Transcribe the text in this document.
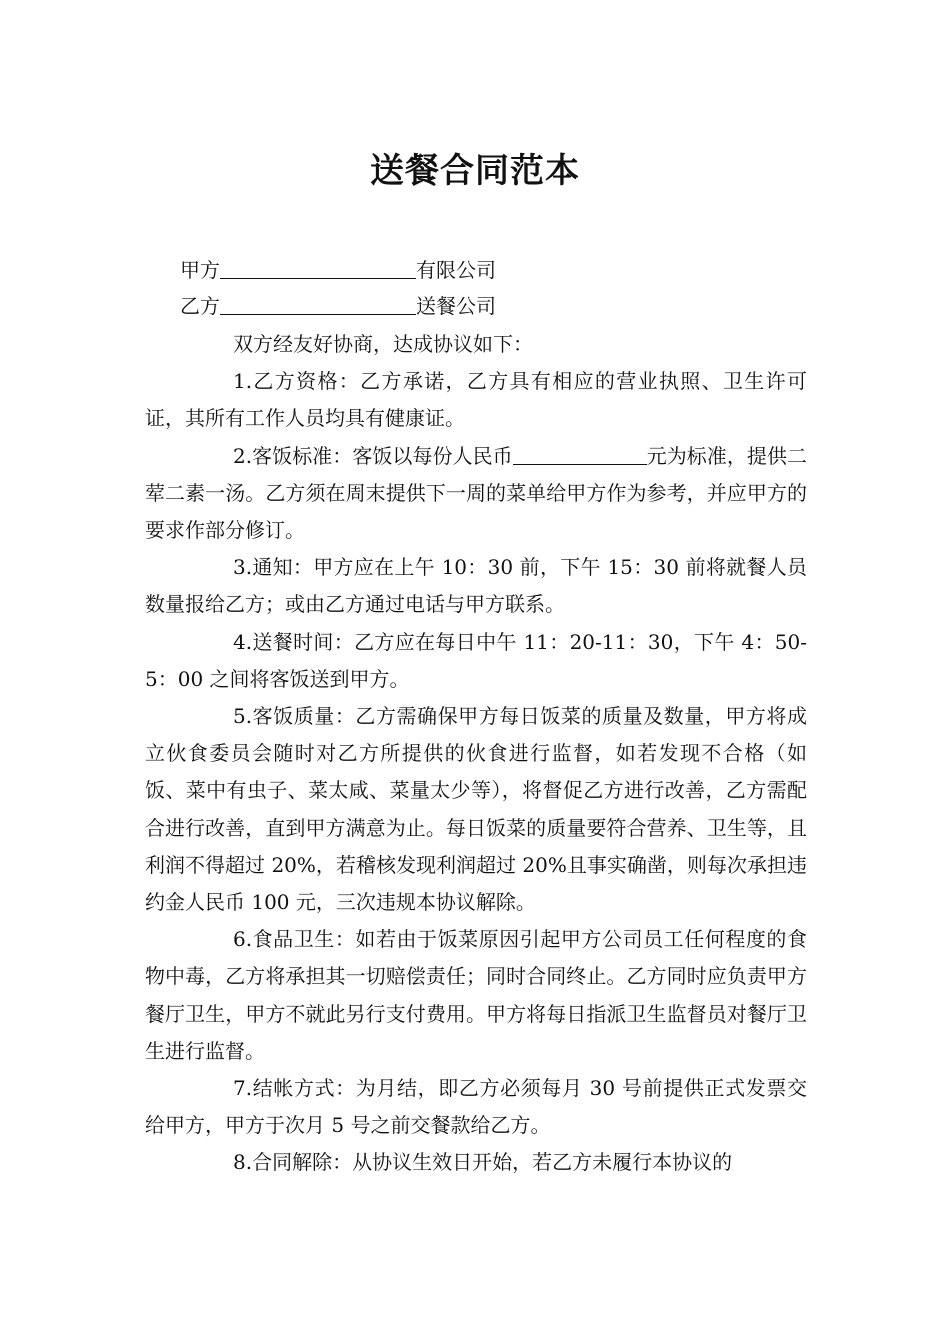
送餐合同范本
甲方	有限公司
乙方	送餐公司

双方经友好协商，达成协议如下：

1.乙方资格：乙方承诺，乙方具有相应的营业执照、卫生许可证，其所有工作人员均具有健康证。

2.客饭标准：客饭以每份人民币	元为标准，提供二荤二素一汤。乙方须在周末提供下一周的菜单给甲方作为参考，并应甲方的要求作部分修订。

3.通知：甲方应在上午 10：30 前，下午 15：30 前将就餐人员数量报给乙方；或由乙方通过电话与甲方联系。

4.送餐时间：乙方应在每日中午 11：20-11：30，下午 4：50-5：00 之间将客饭送到甲方。

5.客饭质量：乙方需确保甲方每日饭菜的质量及数量，甲方将成立伙食委员会随时对乙方所提供的伙食进行监督，如若发现不合格（如 饭、菜中有虫子、菜太咸、菜量太少等），将督促乙方进行改善，乙方需配合进行改善，直到甲方满意为止。每日饭菜的质量要符合营养、卫生等，且利润不得超过 20%，若稽核发现利润超过 20%且事实确凿，则每次承担违约金人民币 100 元，三次违规本协议解除。

6.食品卫生：如若由于饭菜原因引起甲方公司员工任何程度的食物中毒，乙方将承担其一切赔偿责任；同时合同终止。乙方同时应负责甲方餐厅卫生，甲方不就此另行支付费用。甲方将每日指派卫生监督员对餐厅卫生进行监督。

7.结帐方式：为月结，即乙方必须每月 30 号前提供正式发票交给甲方，甲方于次月 5 号之前交餐款给乙方。

8.合同解除：从协议生效日开始，若乙方未履行本协议的
